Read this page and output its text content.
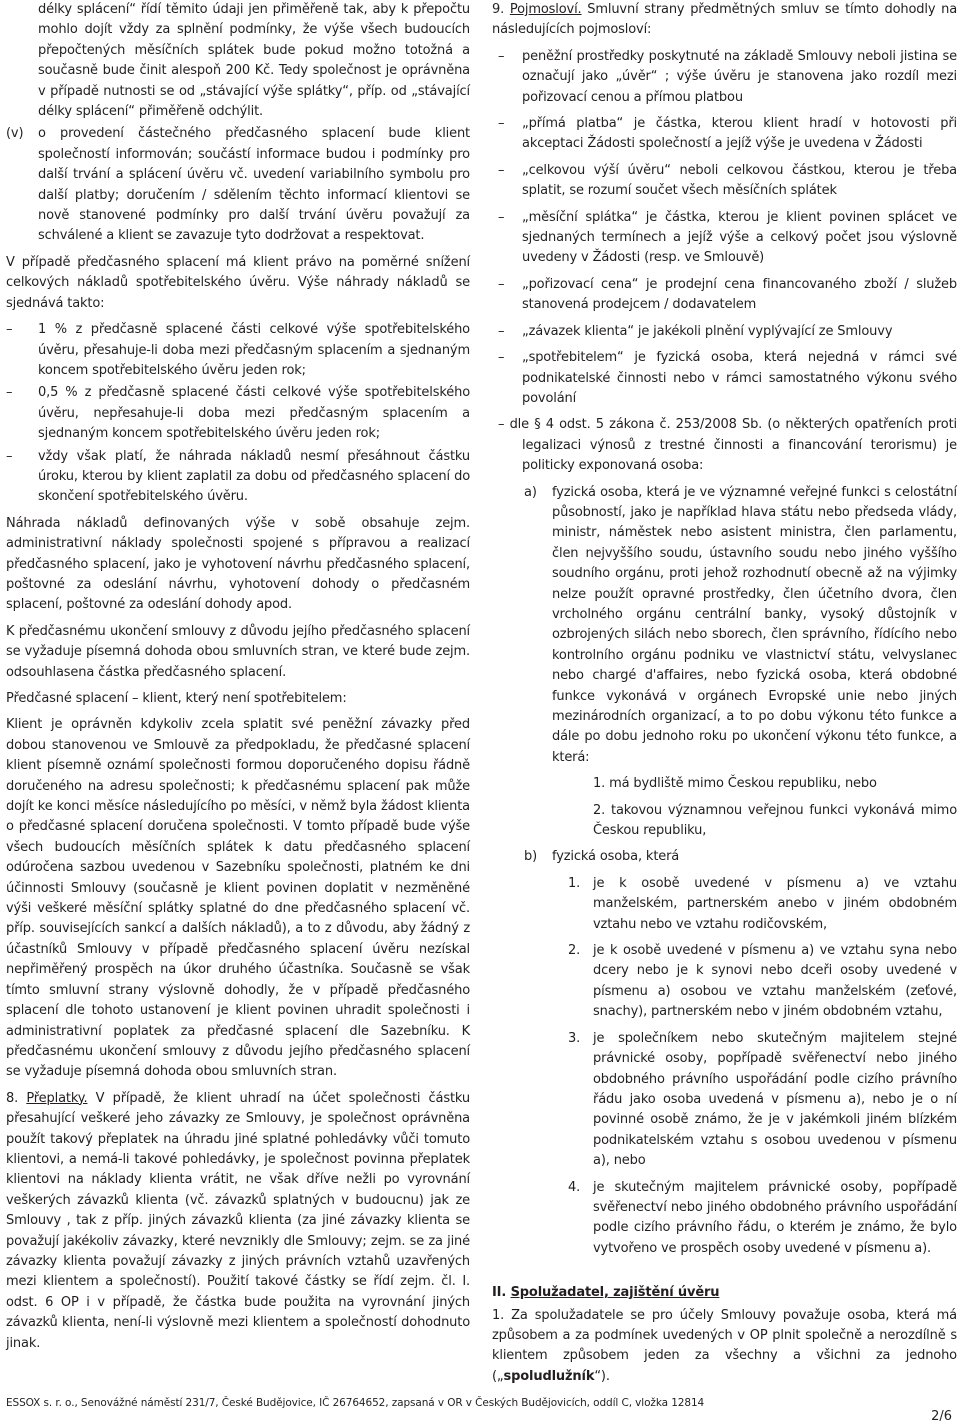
délky splácení“ řídí těmito údaji jen přiměřeně tak, aby k přepočtu mohlo dojít vždy za splnění podmínky, že výše všech budoucích přepočtených měsíčních splátek bude pokud možno totožná a současně bude činit alespoň 200 Kč. Tedy společnost je oprávněna v případě nutnosti se od „stávající výše splátky“, příp. od „stávající délky splácení“ přiměřeně odchýlit.

(v) o provedení částečného předčasného splacení bude klient společností informován; součástí informace budou i podmínky pro další trvání a splácení úvěru vč. uvedení variabilního symbolu pro další platby; doručením / sdělením těchto informací klientovi se nově stanovené podmínky pro další trvání úvěru považují za schválené a klient se zavazuje tyto dodržovat a respektovat.

V případě předčasného splacení má klient právo na poměrné snížení celkových nákladů spotřebitelského úvěru. Výše náhrady nákladů se sjednává takto:

– 1 % z předčasně splacené části celkové výše spotřebitelského úvěru, přesahuje-li doba mezi předčasným splacením a sjednaným koncem spotřebitelského úvěru jeden rok;
– 0,5 % z předčasně splacené části celkové výše spotřebitelského úvěru, nepřesahuje-li doba mezi předčasným splacením a sjednaným koncem spotřebitelského úvěru jeden rok;
– vždy však platí, že náhrada nákladů nesmí přesáhnout částku úroku, kterou by klient zaplatil za dobu od předčasného splacení do skončení spotřebitelského úvěru.

Náhrada nákladů definovaných výše v sobě obsahuje zejm. administrativní náklady společnosti spojené s přípravou a realizací předčasného splacení, jako je vyhotovení návrhu předčasného splacení, poštovné za odeslání návrhu, vyhotovení dohody o předčasném splacení, poštovné za odeslání dohody apod.

K předčasnému ukončení smlouvy z důvodu jejího předčasného splacení se vyžaduje písemná dohoda obou smluvních stran, ve které bude zejm. odsouhlasena částka předčasného splacení.

Předčasné splacení – klient, který není spotřebitelem:

Klient je oprávněn kdykoliv zcela splatit své peněžní závazky před dobou stanovenou ve Smlouvě za předpokladu, že předčasné splacení klient písemně oznámí společnosti formou doporučeného dopisu řádně doručeného na adresu společnosti; k předčasnému splacení pak může dojít ke konci měsíce následujícího po měsíci, v němž byla žádost klienta o předčasné splacení doručena společnosti. V tomto případě bude výše všech budoucích měsíčních splátek k datu předčasného splacení odúročena sazbou uvedenou v Sazebníku společnosti, platném ke dni účinnosti Smlouvy (současně je klient povinen doplatit v nezměněné výši veškeré měsíční splátky splatné do dne předčasného splacení vč. příp. souvisejících sankcí a dalších nákladů), a to z důvodu, aby žádný z účastníků Smlouvy v případě předčasného splacení úvěru nezískal nepřiměřený prospěch na úkor druhého účastníka. Současně se však tímto smluvní strany výslovně dohodly, že v případě předčasného splacení dle tohoto ustanovení je klient povinen uhradit společnosti i administrativní poplatek za předčasné splacení dle Sazebníku. K předčasnému ukončení smlouvy z důvodu jejího předčasného splacení se vyžaduje písemná dohoda obou smluvních stran.

8. Přeplatky. V případě, že klient uhradí na účet společnosti částku přesahující veškeré jeho závazky ze Smlouvy, je společnost oprávněna použít takový přeplatek na úhradu jiné splatné pohledávky vůči tomuto klientovi, a nemá-li takové pohledávky, je společnost povinna přeplatek klientovi na náklady klienta vrátit, ne však dříve nežli po vyrovnání veškerých závazků klienta (vč. závazků splatných v budoucnu) jak ze Smlouvy , tak z příp. jiných závazků klienta (za jiné závazky klienta se považují jakékoliv závazky, které nevznikly dle Smlouvy; zejm. se za jiné závazky klienta považují závazky z jiných právních vztahů uzavřených mezi klientem a společností). Použití takové částky se řídí zejm. čl. I. odst. 6 OP i v případě, že částka bude použita na vyrovnání jiných závazků klienta, není-li výslovně mezi klientem a společností dohodnuto jinak.

9. Pojmosloví. Smluvní strany předmětných smluv se tímto dohodly na následujících pojmosloví:

– peněžní prostředky poskytnuté na základě Smlouvy neboli jistina se označují jako „úvěr“ ; výše úvěru je stanovena jako rozdíl mezi pořizovací cenou a přímou platbou
– „přímá platba“ je částka, kterou klient hradí v hotovosti při akceptaci Žádosti společností a jejíž výše je uvedena v Žádosti
– „celkovou výší úvěru“ neboli celkovou částkou, kterou je třeba splatit, se rozumí součet všech měsíčních splátek
– „měsíční splátka“ je částka, kterou je klient povinen splácet ve sjednaných termínech a jejíž výše a celkový počet jsou výslovně uvedeny v Žádosti (resp. ve Smlouvě)
– „pořizovací cena“ je prodejní cena financovaného zboží / služeb stanovená prodejcem / dodavatelem
– „závazek klienta“ je jakékoli plnění vyplývající ze Smlouvy
– „spotřebitelem“ je fyzická osoba, která nejedná v rámci své podnikatelské činnosti nebo v rámci samostatného výkonu svého povolání

– dle § 4 odst. 5 zákona č. 253/2008 Sb. (o některých opatřeních proti legalizaci výnosů z trestné činnosti a financování terorismu) je politicky exponovaná osoba:

a) fyzická osoba, která je ve významné veřejné funkci s celostátní působností, jako je například hlava státu nebo předseda vlády, ministr, náměstek nebo asistent ministra, člen parlamentu, člen nejvyššího soudu, ústavního soudu nebo jiného vyššího soudního orgánu, proti jehož rozhodnutí obecně až na výjimky nelze použít opravné prostředky, člen účetního dvora, člen vrcholného orgánu centrální banky, vysoký důstojník v ozbrojených silách nebo sborech, člen správního, řídícího nebo kontrolního orgánu podniku ve vlastnictví státu, velvyslanec nebo chargé d'affaires, nebo fyzická osoba, která obdobné funkce vykonává v orgánech Evropské unie nebo jiných mezinárodních organizací, a to po dobu výkonu této funkce a dále po dobu jednoho roku po ukončení výkonu této funkce, a která:

1. má bydliště mimo Českou republiku, nebo

2. takovou významnou veřejnou funkci vykonává mimo Českou republiku,

b) fyzická osoba, která
1. je k osobě uvedené v písmenu a) ve vztahu manželském, partnerském anebo v jiném obdobném vztahu nebo ve vztahu rodičovském,
2. je k osobě uvedené v písmenu a) ve vztahu syna nebo dcery nebo je k synovi nebo dceři osoby uvedené v písmenu a) osobou ve vztahu manželském (zeťové, snachy), partnerském nebo v jiném obdobném vztahu,
3. je společníkem nebo skutečným majitelem stejné právnické osoby, popřípadě svěřenectví nebo jiného obdobného právního uspořádání podle cizího právního řádu jako osoba uvedená v písmenu a), nebo je o ní povinné osobě známo, že je v jakémkoli jiném blízkém podnikatelském vztahu s osobou uvedenou v písmenu a), nebo
4. je skutečným majitelem právnické osoby, popřípadě svěřenectví nebo jiného obdobného právního uspořádání podle cizího právního řádu, o kterém je známo, že bylo vytvořeno ve prospěch osoby uvedené v písmenu a).

II. Spolužadatel, zajištění úvěru

1. Za spolužadatele se pro účely Smlouvy považuje osoba, která má způsobem a za podmínek uvedených v OP plnit společně a nerozdílně s klientem způsobem jeden za všechny a všichni za jednoho („spoludlužník“).

ESSOX s. r. o., Senovážné náměstí 231/7, České Budějovice, IČ 26764652, zapsaná v OR v Českých Budějovicích, oddíl C, vložka 12814
2/6
